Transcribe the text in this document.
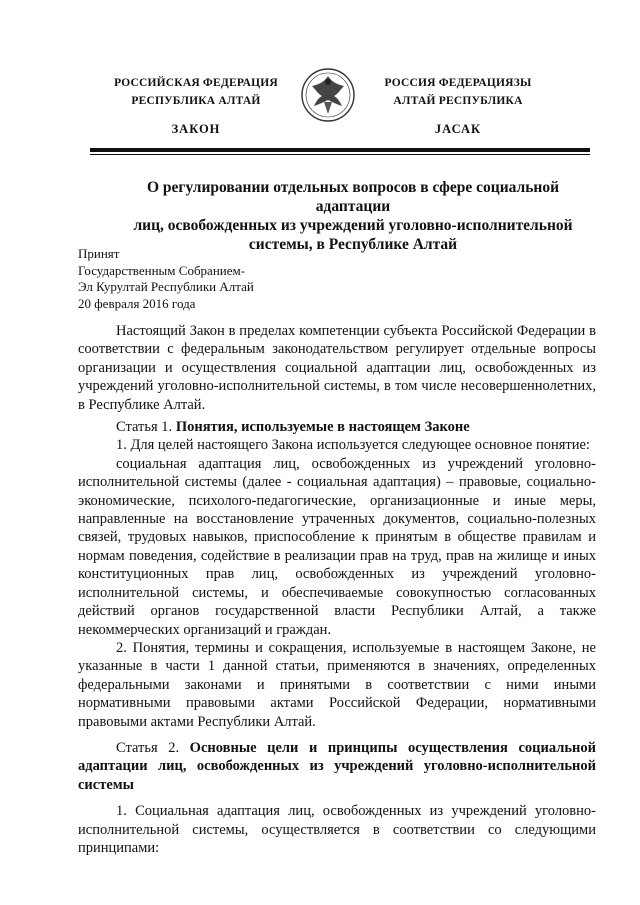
РОССИЙСКАЯ ФЕДЕРАЦИЯ
РЕСПУБЛИКА АЛТАЙ
ЗАКОН
РОССИЯ ФЕДЕРАЦИЯЗЫ
АЛТАЙ РЕСПУБЛИКА
JАСАК
О регулировании отдельных вопросов в сфере социальной адаптации
лиц, освобожденных из учреждений уголовно-исполнительной
системы, в Республике Алтай
Принят
Государственным Собранием-
Эл Курултай Республики Алтай
20 февраля 2016 года

Настоящий Закон в пределах компетенции субъекта Российской Федерации в соответствии с федеральным законодательством регулирует отдельные вопросы организации и осуществления социальной адаптации лиц, освобожденных из учреждений уголовно-исполнительной системы, в том числе несовершеннолетних, в Республике Алтай.

Статья 1. Понятия, используемые в настоящем Законе

1. Для целей настоящего Закона используется следующее основное понятие:

социальная адаптация лиц, освобожденных из учреждений уголовно-исполнительной системы (далее - социальная адаптация) – правовые, социально-экономические, психолого-педагогические, организационные и иные меры, направленные на восстановление утраченных документов, социально-полезных связей, трудовых навыков, приспособление к принятым в обществе правилам и нормам поведения, содействие в реализации прав на труд, прав на жилище и иных конституционных прав лиц, освобожденных из учреждений уголовно-исполнительной системы, и обеспечиваемые совокупностью согласованных действий органов государственной власти Республики Алтай, а также некоммерческих организаций и граждан.

2. Понятия, термины и сокращения, используемые в настоящем Законе, не указанные в части 1 данной статьи, применяются в значениях, определенных федеральными законами и принятыми в соответствии с ними иными нормативными правовыми актами Российской Федерации, нормативными правовыми актами Республики Алтай.

Статья 2. Основные цели и принципы осуществления социальной адаптации лиц, освобожденных из учреждений уголовно-исполнительной системы

1. Социальная адаптация лиц, освобожденных из учреждений уголовно-исполнительной системы, осуществляется в соответствии со следующими принципами:
